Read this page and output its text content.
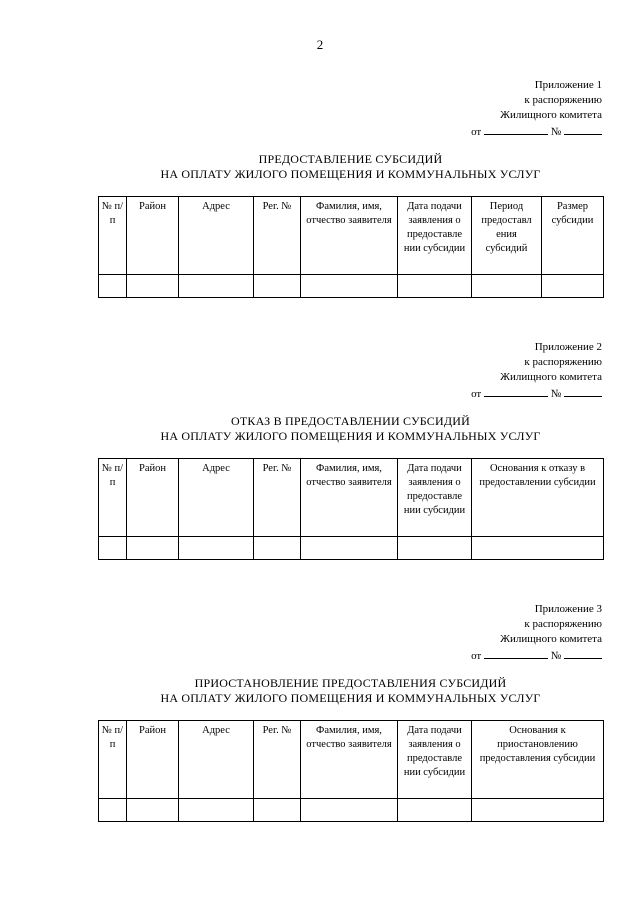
2
Приложение 1
к распоряжению
Жилищного комитета
от	№
ПРЕДОСТАВЛЕНИЕ СУБСИДИЙ
НА ОПЛАТУ ЖИЛОГО ПОМЕЩЕНИЯ И КОММУНАЛЬНЫХ УСЛУГ
№ п/п	Район	Адрес	Рег. №	Фамилия, имя, отчество заявителя	Дата подачи заявления о предоставле нии субсидии	Период предоставл ения субсидий	Размер субсидии

Приложение 2
к распоряжению
Жилищного комитета
от	№
ОТКАЗ В ПРЕДОСТАВЛЕНИИ СУБСИДИЙ
НА ОПЛАТУ ЖИЛОГО ПОМЕЩЕНИЯ И КОММУНАЛЬНЫХ УСЛУГ
№ п/п	Район	Адрес	Рег. №	Фамилия, имя, отчество заявителя	Дата подачи заявления о предоставле нии субсидии	Основания к отказу в предоставлении субсидии

Приложение 3
к распоряжению
Жилищного комитета
от	№
ПРИОСТАНОВЛЕНИЕ ПРЕДОСТАВЛЕНИЯ СУБСИДИЙ
НА ОПЛАТУ ЖИЛОГО ПОМЕЩЕНИЯ И КОММУНАЛЬНЫХ УСЛУГ
№ п/п	Район	Адрес	Рег. №	Фамилия, имя, отчество заявителя	Дата подачи заявления о предоставле нии субсидии	Основания к приостановлению предоставления субсидии
